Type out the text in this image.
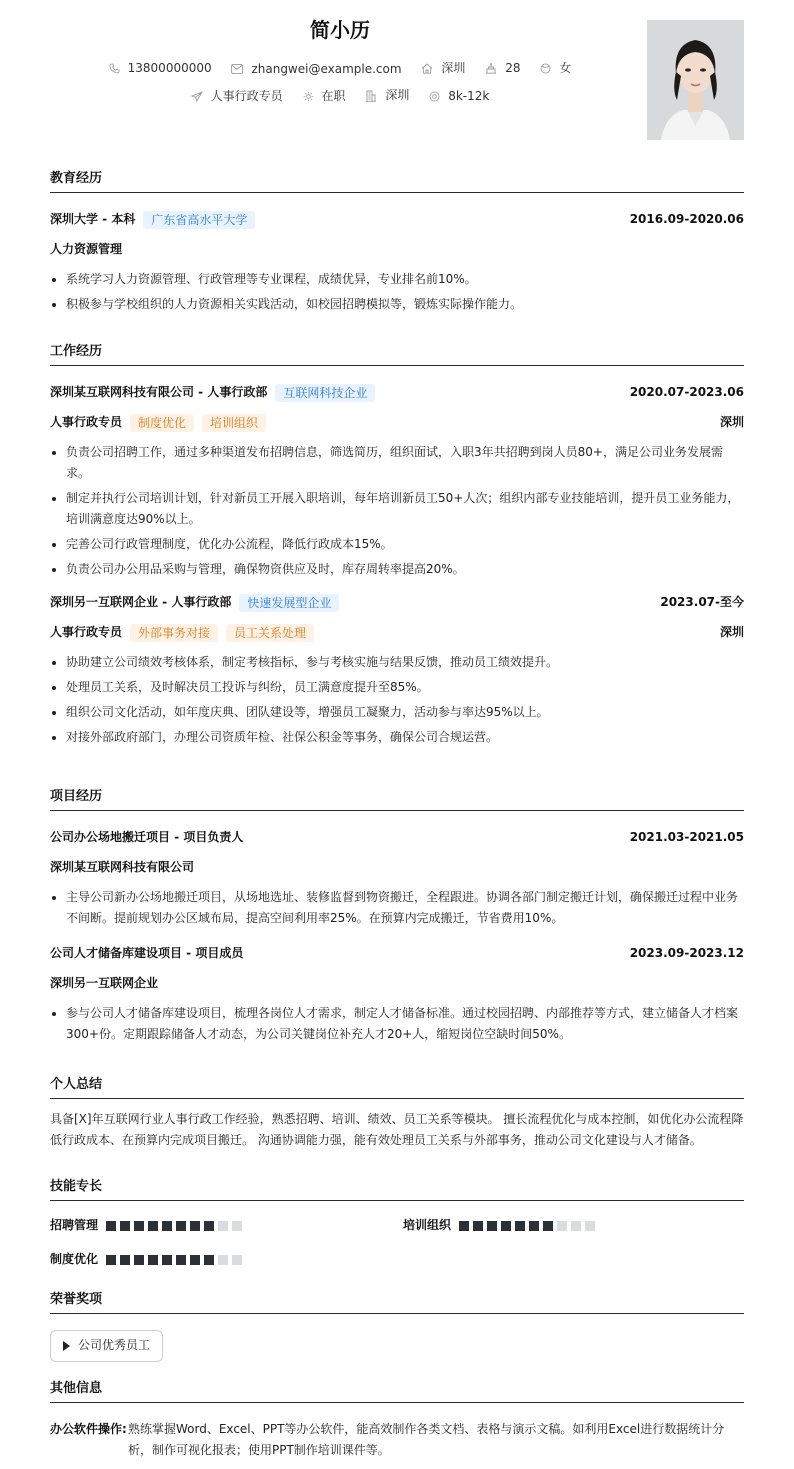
简小历
13800000000
	zhangwei@example.com
	深圳
	28
	女
人事行政专员
	在职
	深圳
	8k-12k
教育经历
深圳大学 - 本科	广东省高水平大学	2016.09-2020.06
人力资源管理
系统学习人力资源管理、行政管理等专业课程，成绩优异，专业排名前10%。
积极参与学校组织的人力资源相关实践活动，如校园招聘模拟等，锻炼实际操作能力。
工作经历
深圳某互联网科技有限公司 - 人事行政部	互联网科技企业	2020.07-2023.06
人事行政专员	制度优化	培训组织	深圳
负责公司招聘工作，通过多种渠道发布招聘信息，筛选简历，组织面试，入职3年共招聘到岗人员80+，满足公司业务发展需求。
制定并执行公司培训计划，针对新员工开展入职培训，每年培训新员工50+人次；组织内部专业技能培训，提升员工业务能力，培训满意度达90%以上。
完善公司行政管理制度，优化办公流程，降低行政成本15%。
负责公司办公用品采购与管理，确保物资供应及时，库存周转率提高20%。
深圳另一互联网企业 - 人事行政部	快速发展型企业	2023.07-至今
人事行政专员	外部事务对接	员工关系处理	深圳
协助建立公司绩效考核体系，制定考核指标，参与考核实施与结果反馈，推动员工绩效提升。
处理员工关系，及时解决员工投诉与纠纷，员工满意度提升至85%。
组织公司文化活动，如年度庆典、团队建设等，增强员工凝聚力，活动参与率达95%以上。
对接外部政府部门，办理公司资质年检、社保公积金等事务，确保公司合规运营。
项目经历
公司办公场地搬迁项目 - 项目负责人	2021.03-2021.05
深圳某互联网科技有限公司
主导公司新办公场地搬迁项目，从场地选址、装修监督到物资搬迁，全程跟进。协调各部门制定搬迁计划，确保搬迁过程中业务不间断。提前规划办公区域布局，提高空间利用率25%。在预算内完成搬迁，节省费用10%。
公司人才储备库建设项目 - 项目成员	2023.09-2023.12
深圳另一互联网企业
参与公司人才储备库建设项目，梳理各岗位人才需求，制定人才储备标准。通过校园招聘、内部推荐等方式，建立储备人才档案300+份。定期跟踪储备人才动态，为公司关键岗位补充人才20+人，缩短岗位空缺时间50%。
个人总结
具备[X]年互联网行业人事行政工作经验，熟悉招聘、培训、绩效、员工关系等模块。 擅长流程优化与成本控制，如优化办公流程降低行政成本、在预算内完成项目搬迁。 沟通协调能力强，能有效处理员工关系与外部事务，推动公司文化建设与人才储备。
技能专长
招聘管理	培训组织
制度优化
荣誉奖项
公司优秀员工
其他信息
办公软件操作: 熟练掌握Word、Excel、PPT等办公软件，能高效制作各类文档、表格与演示文稿。如利用Excel进行数据统计分析，制作可视化报表；使用PPT制作培训课件等。
